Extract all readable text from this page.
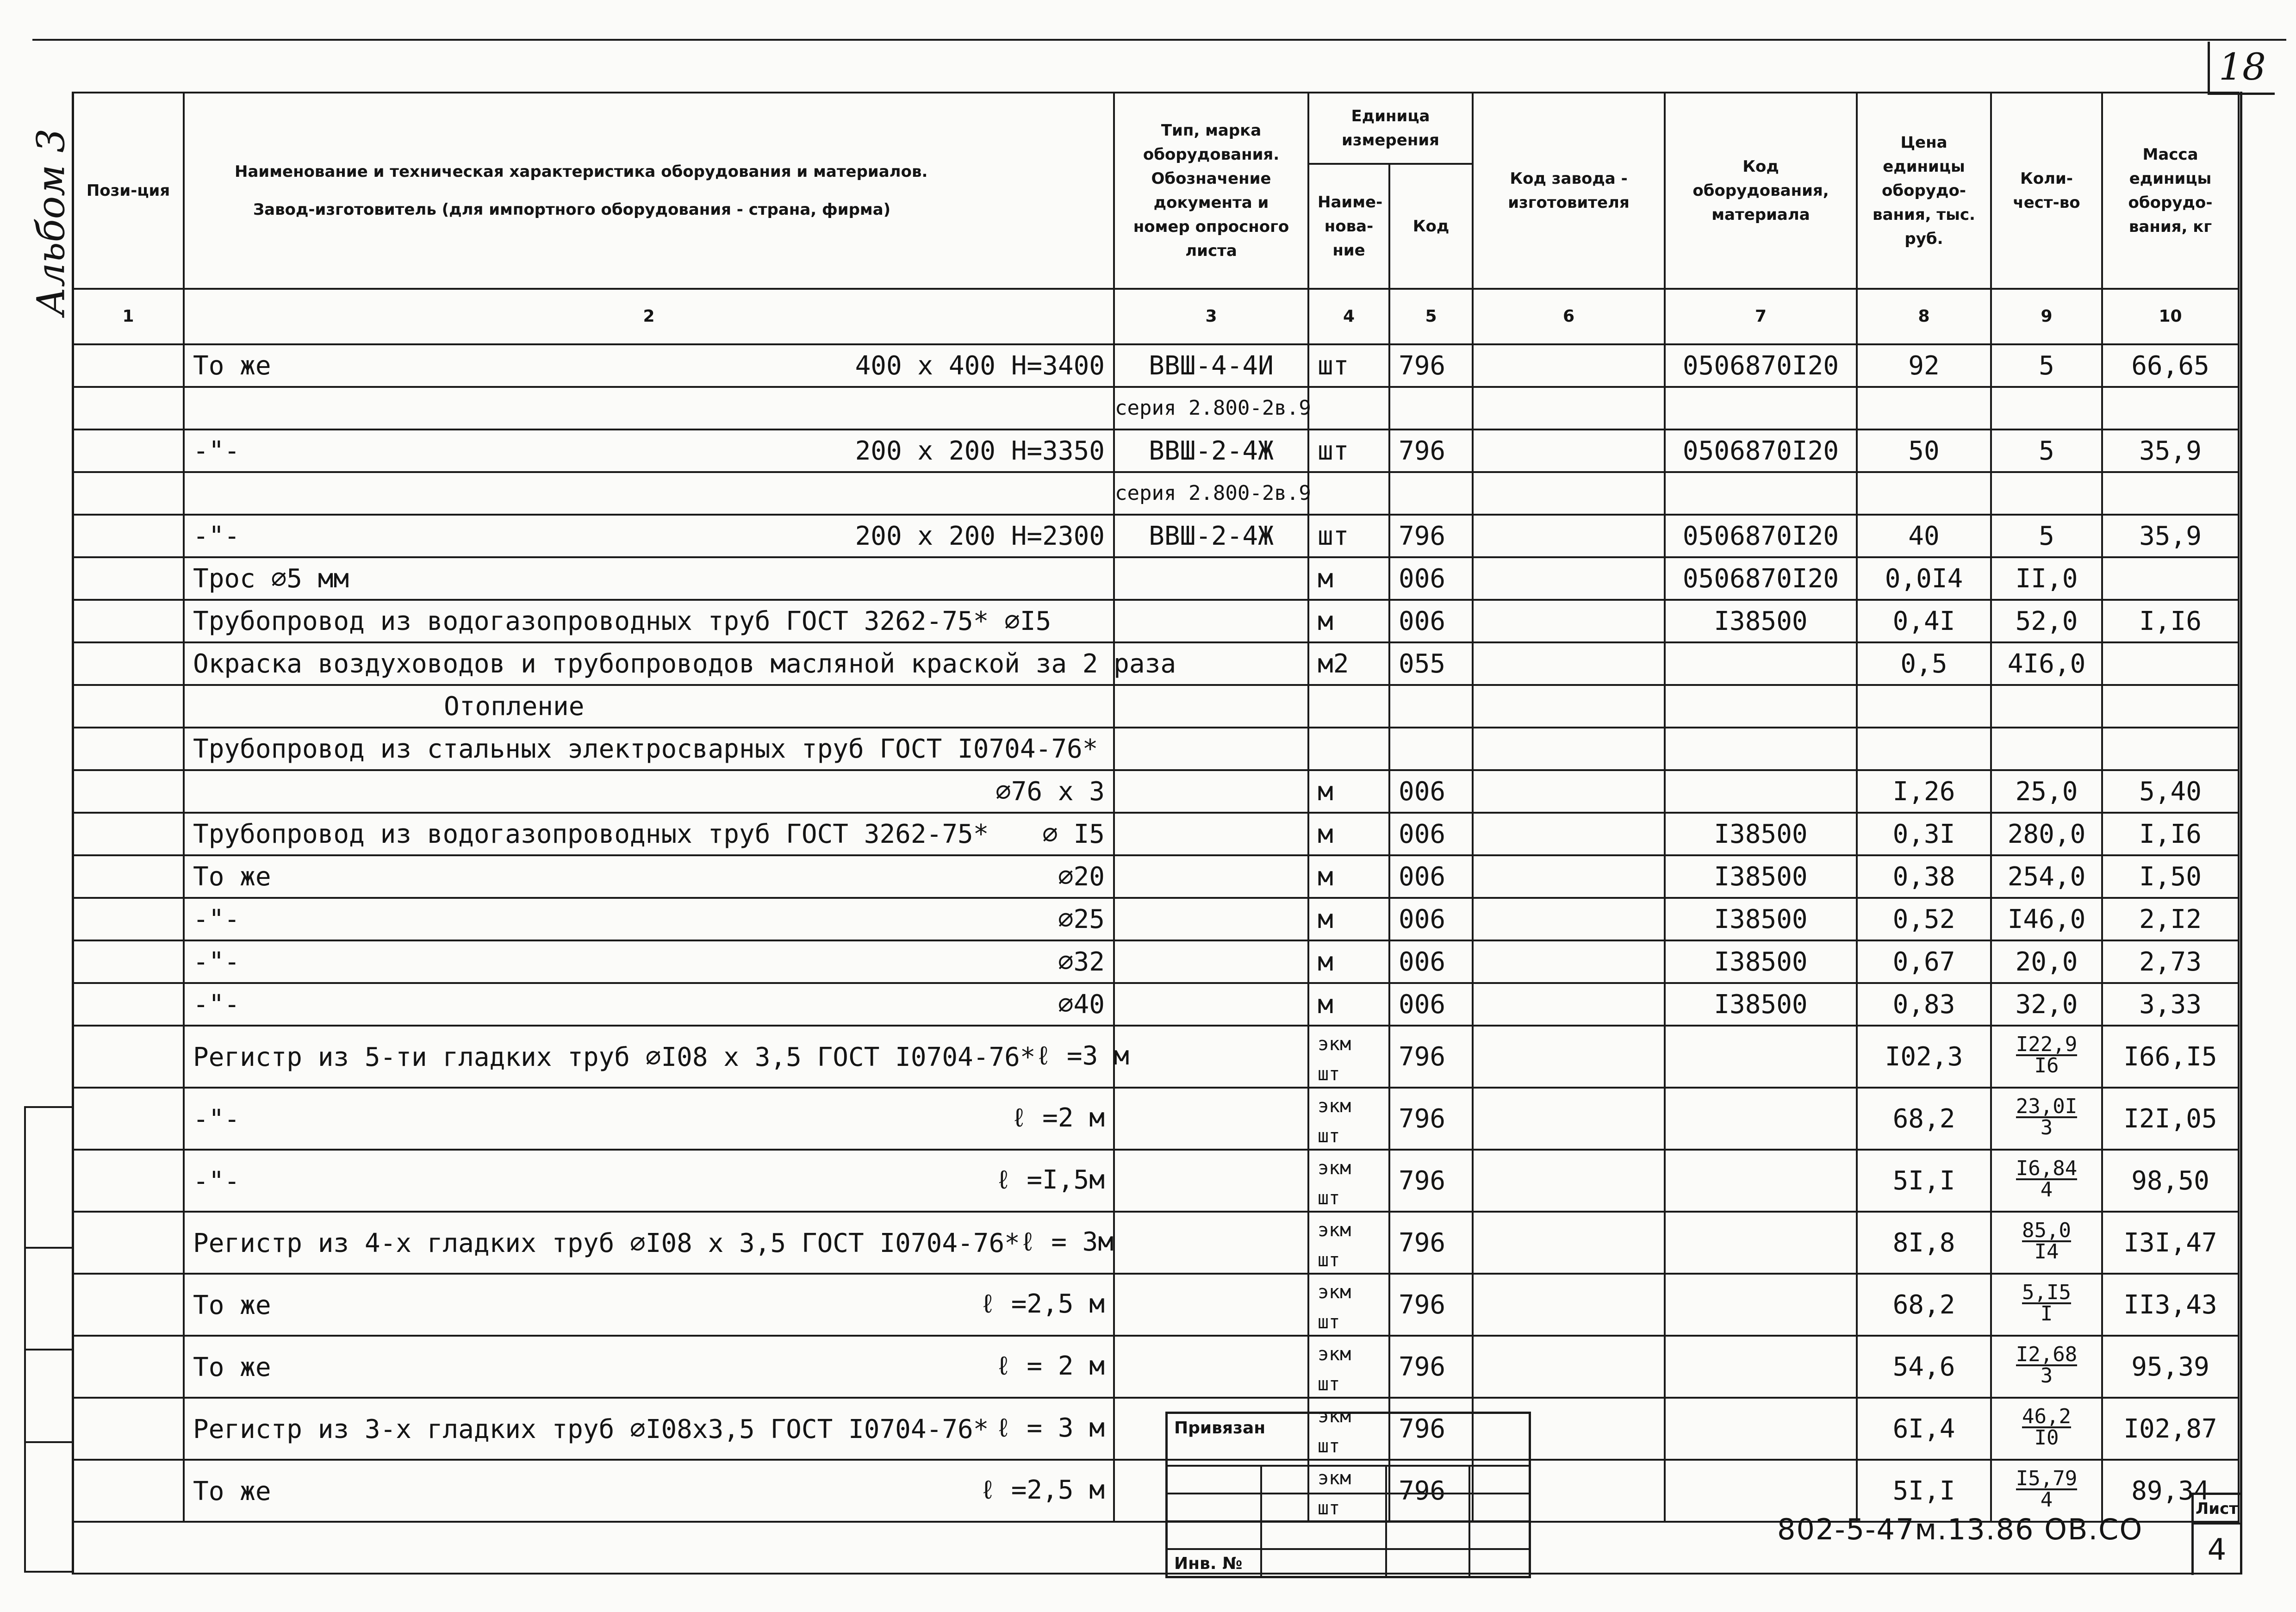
18
Альбом 3 Пози-ция	Наименование и техническая характеристика оборудования и материалов.
Завод-изготовитель (для импортного оборудования - страна, фирма)	Тип, марка оборудования. Обозначение документа и номер опросного листа	Единица измерения		Код завода - изготовителя	Код оборудования, материала	Цена единицы оборудо-вания, тыс. руб.	Коли-чест-во	Масса единицы оборудо-вания, кг
			Наиме-нова-ние	Код					
1	2	3	4	5	6	7	8	9	10

	То же 400 x 400 H=3400	ВВШ-4-4И	шт	796		0506870I20	92	5	66,65

		серия 2.800-2в.9							

	-"- 200 x 200 H=3350	ВВШ-2-4Ж	шт	796		0506870I20	50	5	35,9

		серия 2.800-2в.9							

	-"- 200 x 200 H=2300	ВВШ-2-4Ж	шт	796		0506870I20	40	5	35,9

	Трос ∅5 мм		м	006		0506870I20	0,0I4	II,0	

	Трубопровод из водогазопроводных труб ГОСТ 3262-75* ∅I5		м	006		I38500	0,4I	52,0	I,I6

	Окраска воздуховодов и трубопроводов масляной краской за 2 раза		м2	055			0,5	4I6,0	
	Отопление								

	Трубопровод из стальных электросварных труб ГОСТ I0704-76*								

	∅76 x 3		м	006			I,26	25,0	5,40

	Трубопровод из водогазопроводных труб ГОСТ 3262-75* ∅ I5		м	006		I38500	0,3I	280,0	I,I6

	То же ∅20		м	006		I38500	0,38	254,0	I,50

	-"- ∅25		м	006		I38500	0,52	I46,0	2,I2

	-"- ∅32		м	006		I38500	0,67	20,0	2,73

	-"- ∅40		м	006		I38500	0,83	32,0	3,33

	Регистр из 5-ти гладких труб ∅I08 x 3,5 ГОСТ I0704-76* ℓ =3 м		экм
шт	796			I02,3	$\frac{I22,9}{I6}$	I66,I5

	-"- ℓ =2 м		экм
шт	796			68,2	$\frac{23,0I}{3}$	I2I,05

	-"- ℓ =I,5м		экм
шт	796			5I,I	$\frac{I6,84}{4}$	98,50

	Регистр из 4-х гладких труб ∅I08 x 3,5 ГОСТ I0704-76* ℓ = 3м		экм
шт	796			8I,8	$\frac{85,0}{I4}$	I3I,47

	То же ℓ =2,5 м		экм
шт	796			68,2	$\frac{5,I5}{I}$	II3,43

	То же ℓ = 2 м		экм
шт	796			54,6	$\frac{I2,68}{3}$	95,39

	Регистр из 3-х гладких труб ∅I08x3,5 ГОСТ I0704-76* ℓ = 3 м		экм
шт	796			6I,4	$\frac{46,2}{I0}$	I02,87

	То же ℓ =2,5 м		экм
шт	796			5I,I	$\frac{I5,79}{4}$	89,34
Привязан
Инв. №
802-5-47м.13.86 ОВ.СО
Лист
4
